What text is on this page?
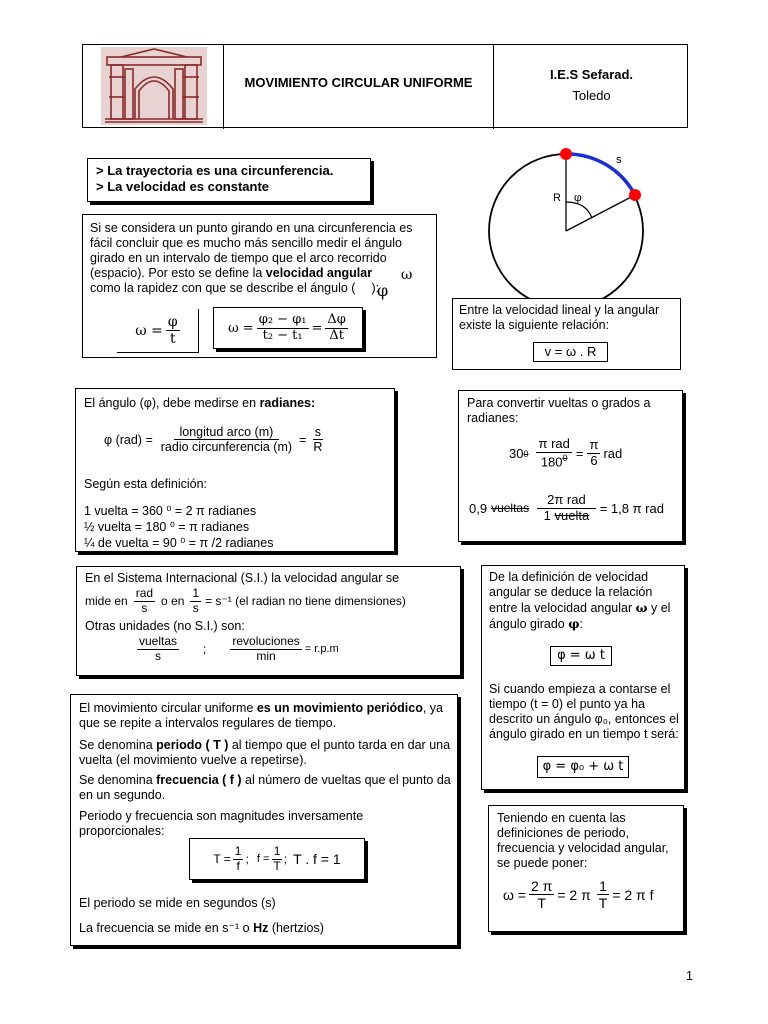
MOVIMIENTO CIRCULAR UNIFORME
I.E.S Sefarad.
Toledo

> La trayectoria es una circunferencia.

> La velocidad es constante

s
R φ
Si se considera un punto girando en una circunferencia es fácil concluir que es mucho más sencillo medir el ángulo girado en un intervalo de tiempo que el arco recorrido (espacio). Por esto se define la velocidad angular
como la rapidez con que se describe el ángulo ( ):
ω
φ
$\omega = \frac{\varphi}{t}$	$\omega = \frac{\text{φ₂ − φ₁}}{\text{t₂ − t₁}} = \frac{\Delta\varphi}{\Delta t}$
Entre la velocidad lineal y la angular existe la siguiente relación:
v = ω . R
El ángulo (φ), debe medirse en radianes:
φ $(rad) = \frac{\text{longitud arco (m)}}{\text{radio circunferencia (m)}} = \frac{s}{R}$
Según esta definición:
1 vuelta = 360 ⁰ = 2 π radianes
½ vuelta = 180 ⁰ = π radianes
¼ de vuelta = 90 ⁰ = π /2 radianes
Para convertir vueltas o grados a radianes:
30 $0 \frac{\text{π rad}}{180^0} = \frac{\pi}{6}$ rad
0,9 vueltas $\frac{\text{2π rad}}{\text{1 vuelta}} = 1,8$ π rad
En el Sistema Internacional (S.I.) la velocidad angular se
mide en $\frac{\text{rad}}{s}$ o en $\frac{1}{s} = s^{-1}$ (el radian no tiene dimensiones)
Otras unidades (no S.I.) son:
$\frac{\text{vueltas}}{s}$ ; $\frac{\text{revoluciones}}{\min} = r.p.m$
De la definición de velocidad angular se deduce la relación entre la velocidad angular ω y el ángulo girado φ:
φ = ω t
Si cuando empieza a contarse el tiempo (t = 0) el punto ya ha descrito un ángulo φ₀, entonces el ángulo girado en un tiempo t será:
φ = φ₀ + ω t
El movimiento circular uniforme es un movimiento periódico, ya que se repite a intervalos regulares de tiempo.
Se denomina periodo ( T ) al tiempo que el punto tarda en dar una vuelta (el movimiento vuelve a repetirse).
Se denomina frecuencia ( f ) al número de vueltas que el punto da en un segundo.
Periodo y frecuencia son magnitudes inversamente proporcionales:
$T = \frac{1}{f}$ ; $f = \frac{1}{T}$ ; T . f = 1
El periodo se mide en segundos (s)
La frecuencia se mide en s⁻¹ o Hz (hertzios)
Teniendo en cuenta las definiciones de periodo, frecuencia y velocidad angular, se puede poner:
$\omega = \frac{2 \pi}{T} = 2$ π $\frac{1}{T} = 2$ π f
1
